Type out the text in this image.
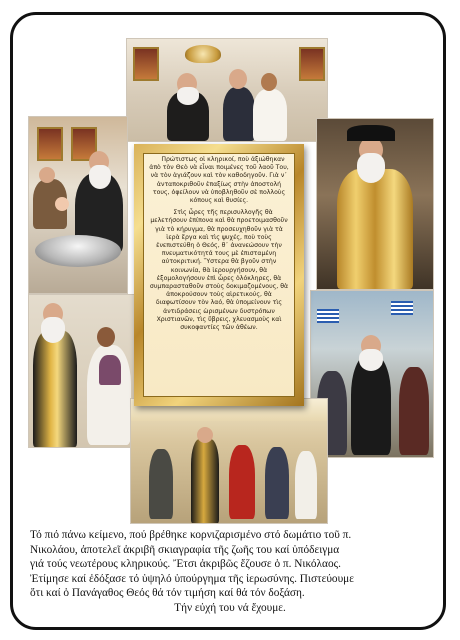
Πρώτιστως οἱ κληρικοί, ποὺ ἀξιώθηκαν ἀπὸ τὸν Θεὸ νὰ εἶναι ποιμένες τοῦ λαοῦ Του, νὰ τὸν ἁγιάζουν καὶ τὸν καθοδηγοῦν. Γιὰ ν᾿ ἀνταποκριθοῦν ἐπαξίως στὴν ἀποστολή τους, ὀφείλουν νὰ ὑποβληθοῦν σὲ πολλοὺς κόπους καὶ θυσίες.

Στὶς ὧρες τῆς περισυλλογῆς θὰ μελετήσουν ἐπίπονα καὶ θὰ προετοιμασθοῦν γιὰ τὸ κήρυγμα, θὰ προσευχηθοῦν γιὰ τὰ ἱερὰ ἔργα καὶ τὶς ψυχές, ποὺ τοὺς ἐνεπιστεύθη ὁ Θεός, θ᾿ ἀνανεώσουν τὴν πνευματικότητά τους μὲ ἐπισταμένη αὐτοκριτική. Ὕστερα θὰ βγοῦν στὴν κοινωνία, θὰ ἱερουργήσουν, θὰ ἐξομολογήσουν ἐπὶ ὧρες ὁλόκληρες, θὰ συμπαρασταθοῦν στοὺς δοκιμαζομένους, θὰ ἀποκρούσουν τοὺς αἱρετικούς, θὰ διαφωτίσουν τὸν λαό, θὰ ὑπομείνουν τὶς ἀντιδράσεις ὡρισμένων δυστρόπων Χριστιανῶν, τὶς ὕβρεις, χλευασμοὺς καὶ συκοφαντίες τῶν ἀθέων.

Τό πιό πάνω κείμενο, πού βρέθηκε κορνιζαρισμένο στό δωμάτιο τοῦ π.
Νικολάου, ἀποτελεῖ ἀκριβῆ σκιαγραφία τῆς ζωῆς του καί ὑπόδειγμα
γιά τούς νεωτέρους κληρικούς. Ἔτσι ἀκριβῶς ἔζουσε ὁ π. Νικόλαος.
Ἐτίμησε καί ἐδόξασε τό ὑψηλό ὑπούργημα τῆς ἱερωσύνης. Πιστεύουμε
ὅτι καί ὁ Πανάγαθος Θεός θά τόν τιμήση καί θά τόν δοξάση.
Τήν εὐχή του νά ἔχουμε.
